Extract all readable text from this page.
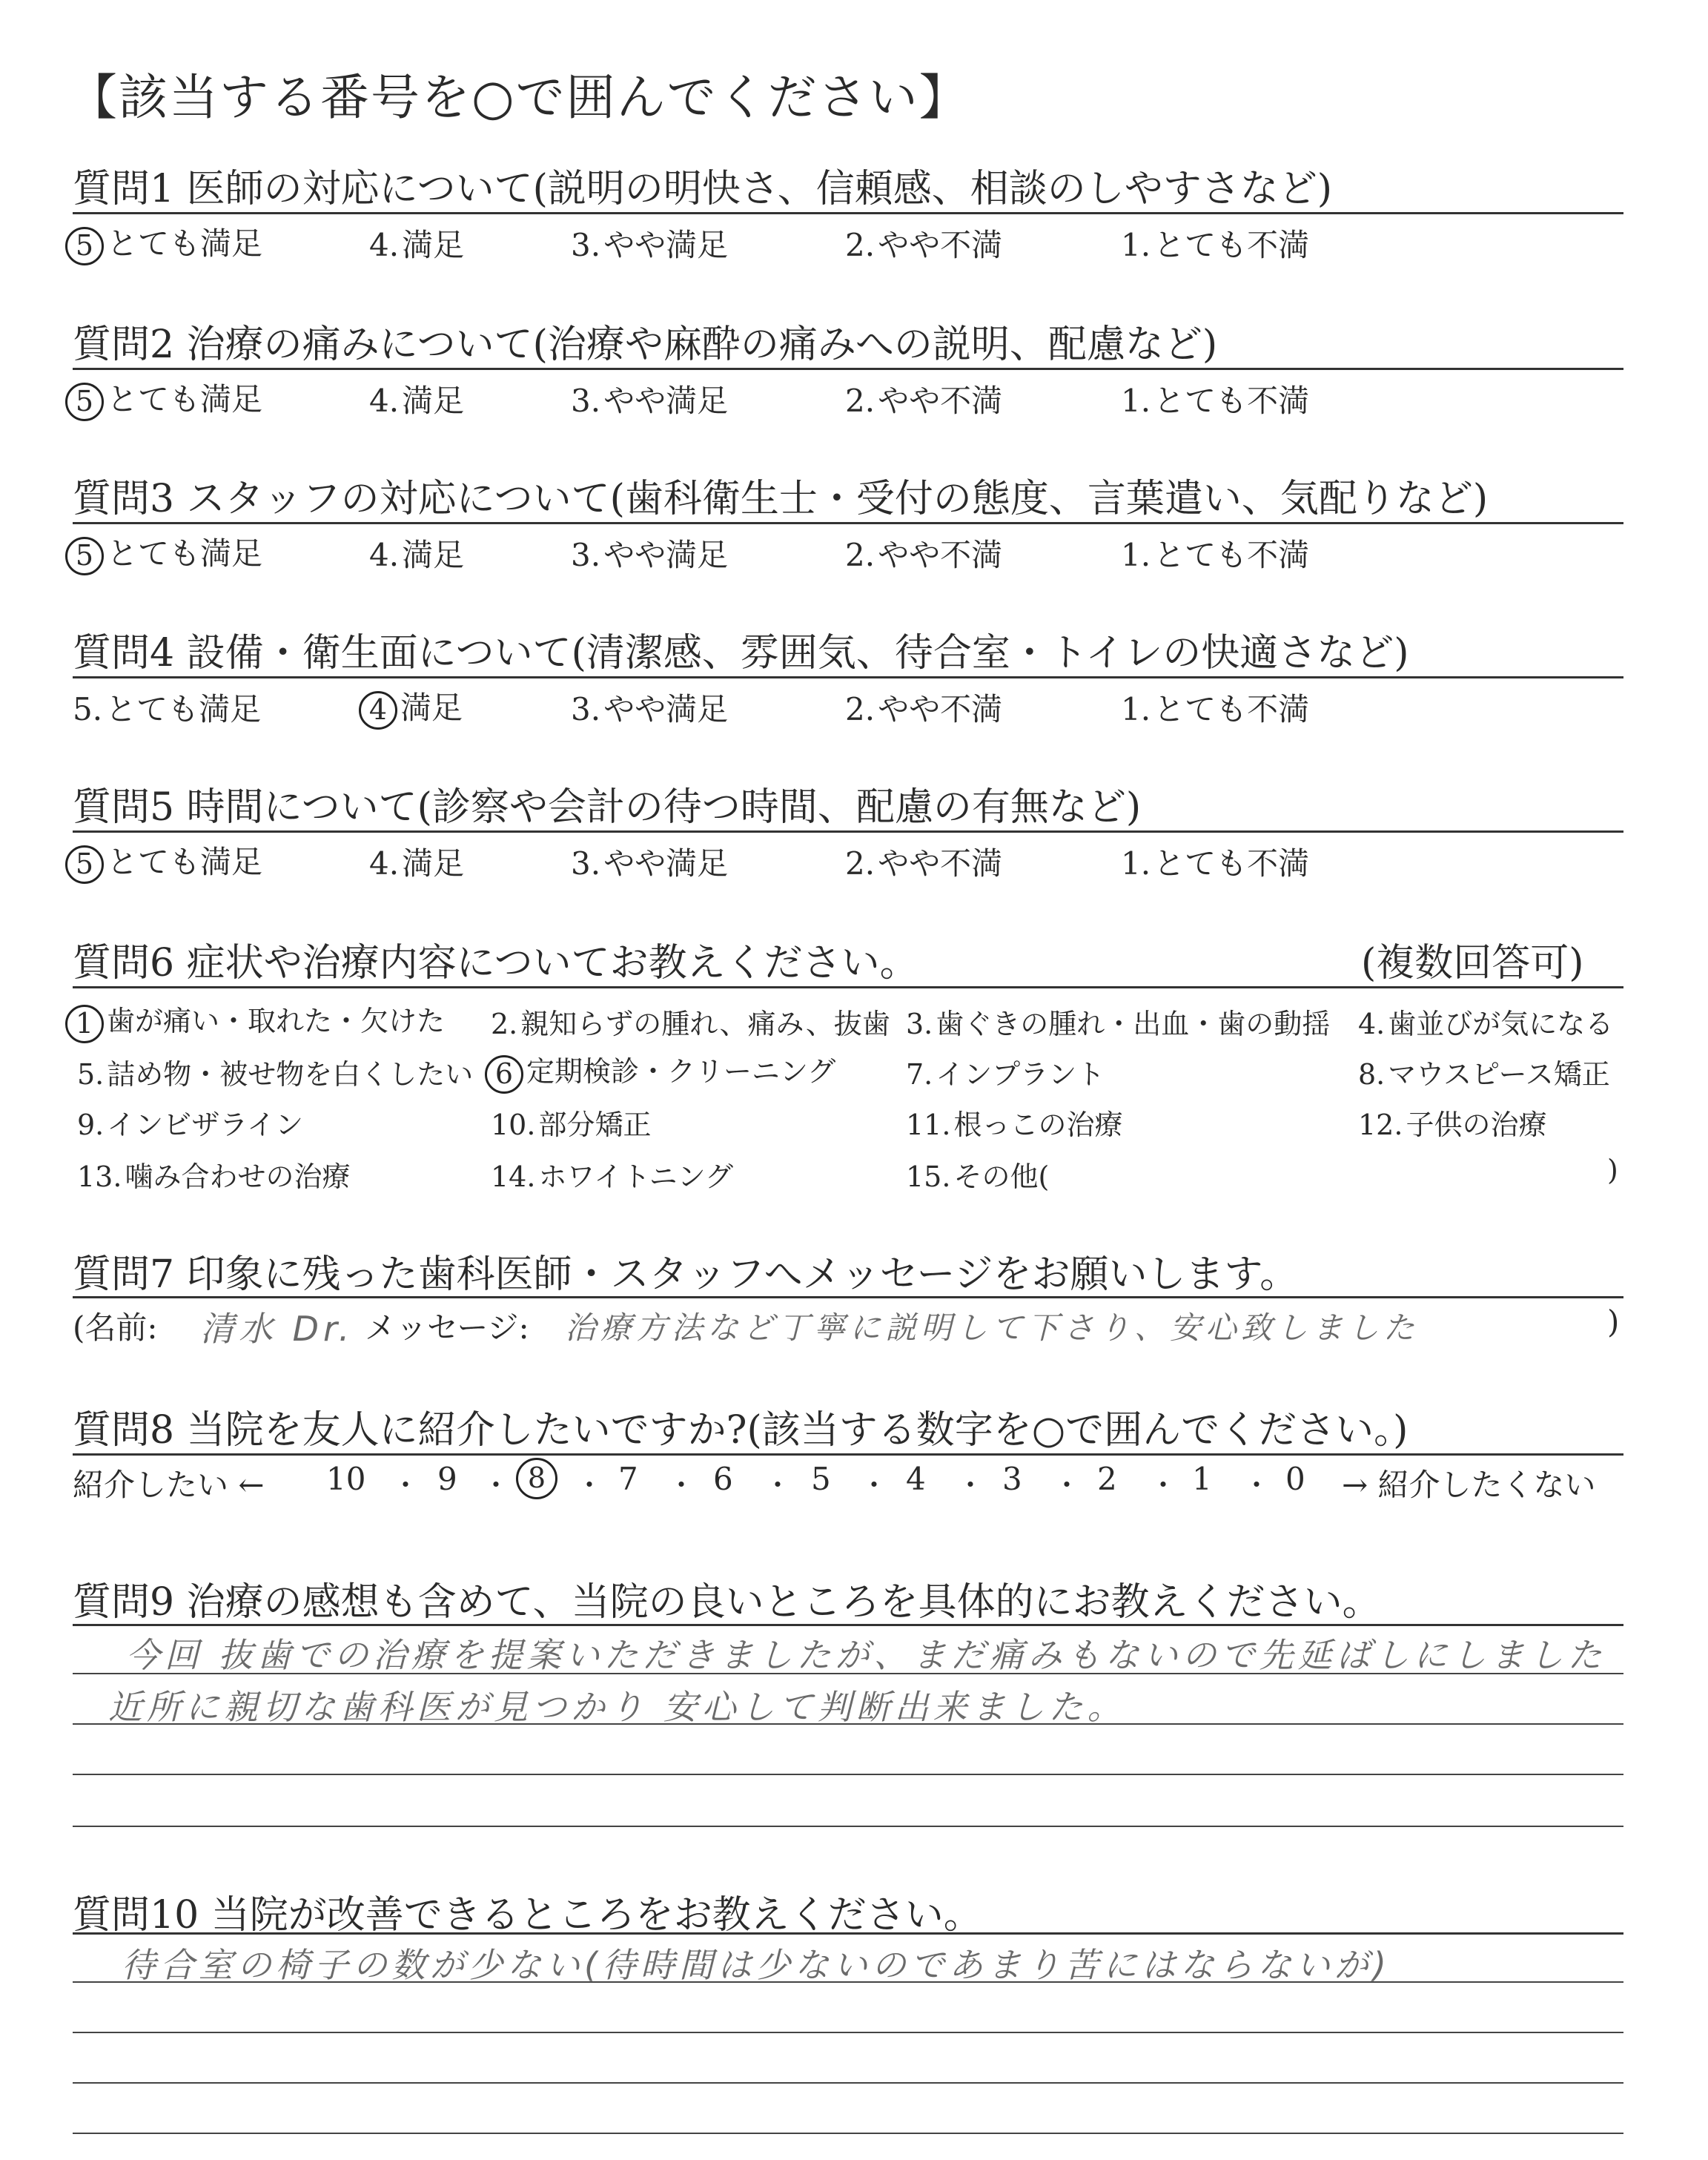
【該当する番号を○で囲んでください】
質問1 医師の対応について(説明の明快さ、信頼感、相談のしやすさなど)
5 とても満足	4.満足	3.やや満足	2.やや不満	1.とても不満
質問2 治療の痛みについて(治療や麻酔の痛みへの説明、配慮など)
5 とても満足	4.満足	3.やや満足	2.やや不満	1.とても不満
質問3 スタッフの対応について(歯科衛生士・受付の態度、言葉遣い、気配りなど)
5 とても満足	4.満足	3.やや満足	2.やや不満	1.とても不満
質問4 設備・衛生面について(清潔感、雰囲気、待合室・トイレの快適さなど)
5.とても満足	4 満足	3.やや満足	2.やや不満	1.とても不満
質問5 時間について(診察や会計の待つ時間、配慮の有無など)
5 とても満足	4.満足	3.やや満足	2.やや不満	1.とても不満
質問6 症状や治療内容についてお教えください。	(複数回答可)
1 歯が痛い・取れた・欠けた 2. 親知らずの腫れ、痛み、抜歯 3. 歯ぐきの腫れ・出血・歯の動揺 4. 歯並びが気になる
5. 詰め物・被せ物を白くしたい 6 定期検診・クリーニング 7. インプラント	8. マウスピース矯正
9. インビザライン	10. 部分矯正	11. 根っこの治療	12. 子供の治療
13. 噛み合わせの治療	14. ホワイトニング	15. その他(	)
質問7 印象に残った歯科医師・スタッフへメッセージをお願いします。
(名前: 清水 Dr. メッセージ: 治療方法など丁寧に説明して下さり、安心致しました	)
質問8 当院を友人に紹介したいですか?(該当する数字を○で囲んでください。)
紹介したい ← 10 ・ 9 ・ 8	・ 7 ・ 6 ・ 5 ・ 4 ・ 3 ・ 2 ・ 1 ・ 0 → 紹介したくない
質問9 治療の感想も含めて、当院の良いところを具体的にお教えください。
今回 抜歯での治療を提案いただきましたが、まだ痛みもないので先延ばしにしました
近所に親切な歯科医が見つかり 安心して判断出来ました。
質問10 当院が改善できるところをお教えください。
待合室の椅子の数が少ない(待時間は少ないのであまり苦にはならないが)
